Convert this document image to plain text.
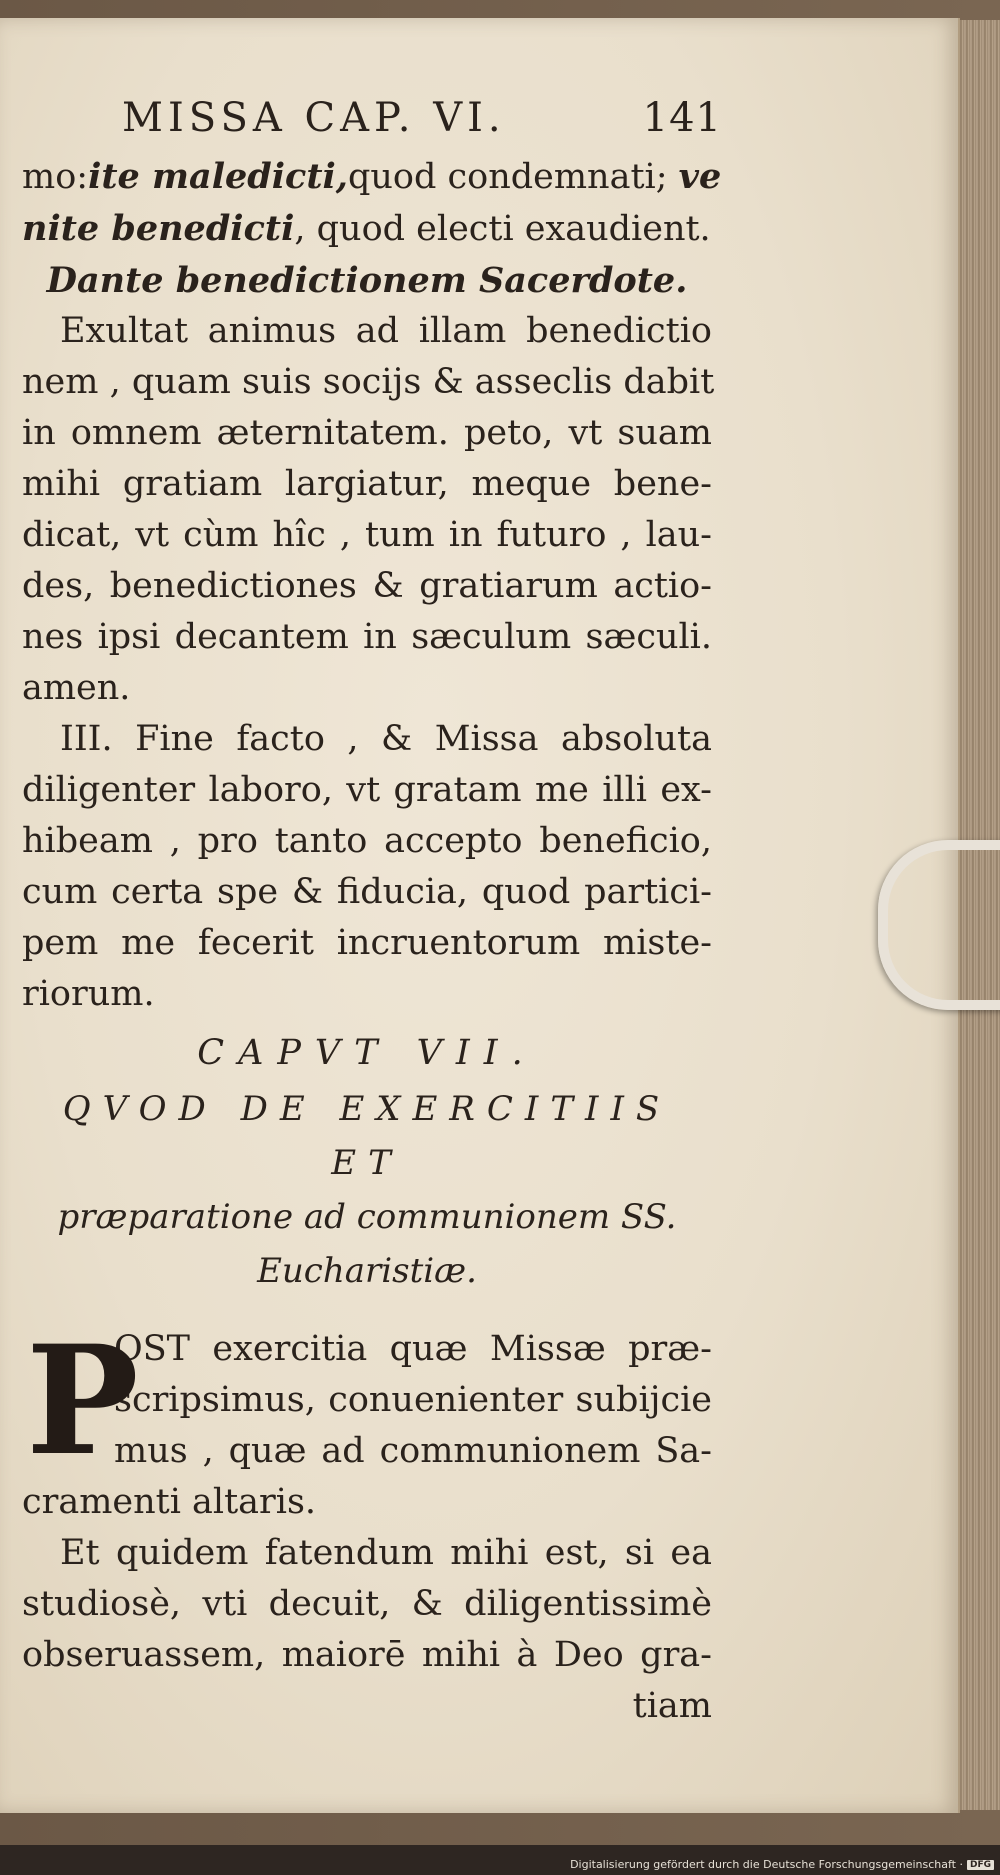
MISSA CAP. VI.	141

mo:ite maledicti,quod condemnati; ve

nite benedicti, quod electi exaudient.

Dante benedictionem Sacerdote.

Exultat animus ad illam benedictio

nem , quam suis socijs & asseclis dabit

in omnem æternitatem. peto, vt suam

mihi gratiam largiatur, meque bene-

dicat, vt cùm hîc , tum in futuro , lau-

des, benedictiones & gratiarum actio-

nes ipsi decantem in sæculum sæculi.

amen.

III. Fine facto , & Missa absoluta

diligenter laboro, vt gratam me illi ex-

hibeam , pro tanto accepto beneficio,

cum certa spe & fiducia, quod partici-

pem me fecerit incruentorum miste-

riorum.

CAPVT VII.
QVOD DE EXERCITIIS ET
præparatione ad communionem SS.
Eucharistiæ.
P

OST exercitia quæ Missæ præ-

scripsimus, conuenienter subijcie

mus , quæ ad communionem Sa-

cramenti altaris.

Et quidem fatendum mihi est, si ea

studiosè, vti decuit, & diligentissimè

obseruassem, maiorē mihi à Deo gra-

tiam

Digitalisierung gefördert durch die Deutsche Forschungsgemeinschaft · DFG
